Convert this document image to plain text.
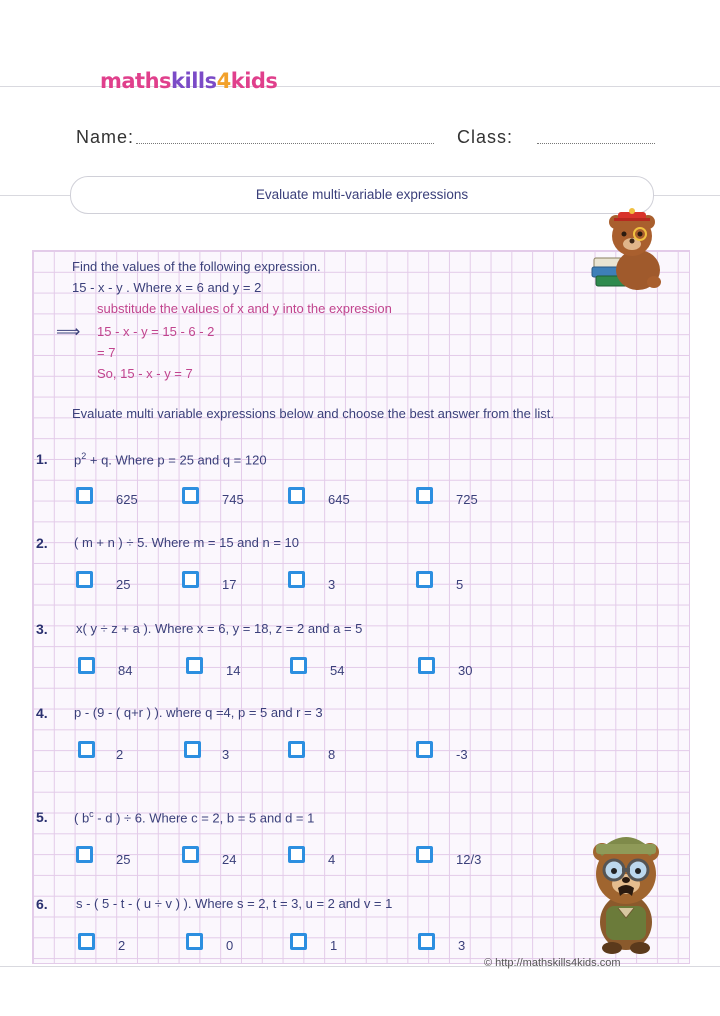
mathskills4kids
Name:	Class:
Evaluate multi-variable expressions
Find the values of the following expression.
15 - x - y . Where x = 6 and y = 2
substitude the values of x and y into the expression
⟹ 15 - x - y = 15 - 6 - 2
= 7
So, 15 - x - y = 7
Evaluate multi variable expressions below and choose the best answer from the list.
1. $p^2 + q$. Where p = 25 and q = 120
625	745	645	725
2. ( m + n ) ÷ 5. Where m = 15 and n = 10
25	17	3	5
3. x( y ÷ z + a ). Where x = 6, y = 18, z = 2 and a = 5
84	14	54	30
4. p - (9 - ( q+r ) ). where q =4, p = 5 and r = 3
2	3	8	-3
5. ( $b^c$ - d ) ÷ 6. Where c = 2, b = 5 and d = 1
25	24	4	12/3
6. s - ( 5 - t - ( u ÷ v ) ). Where s = 2, t = 3, u = 2 and v = 1
2	0	1	3
© http://mathskills4kids.com
